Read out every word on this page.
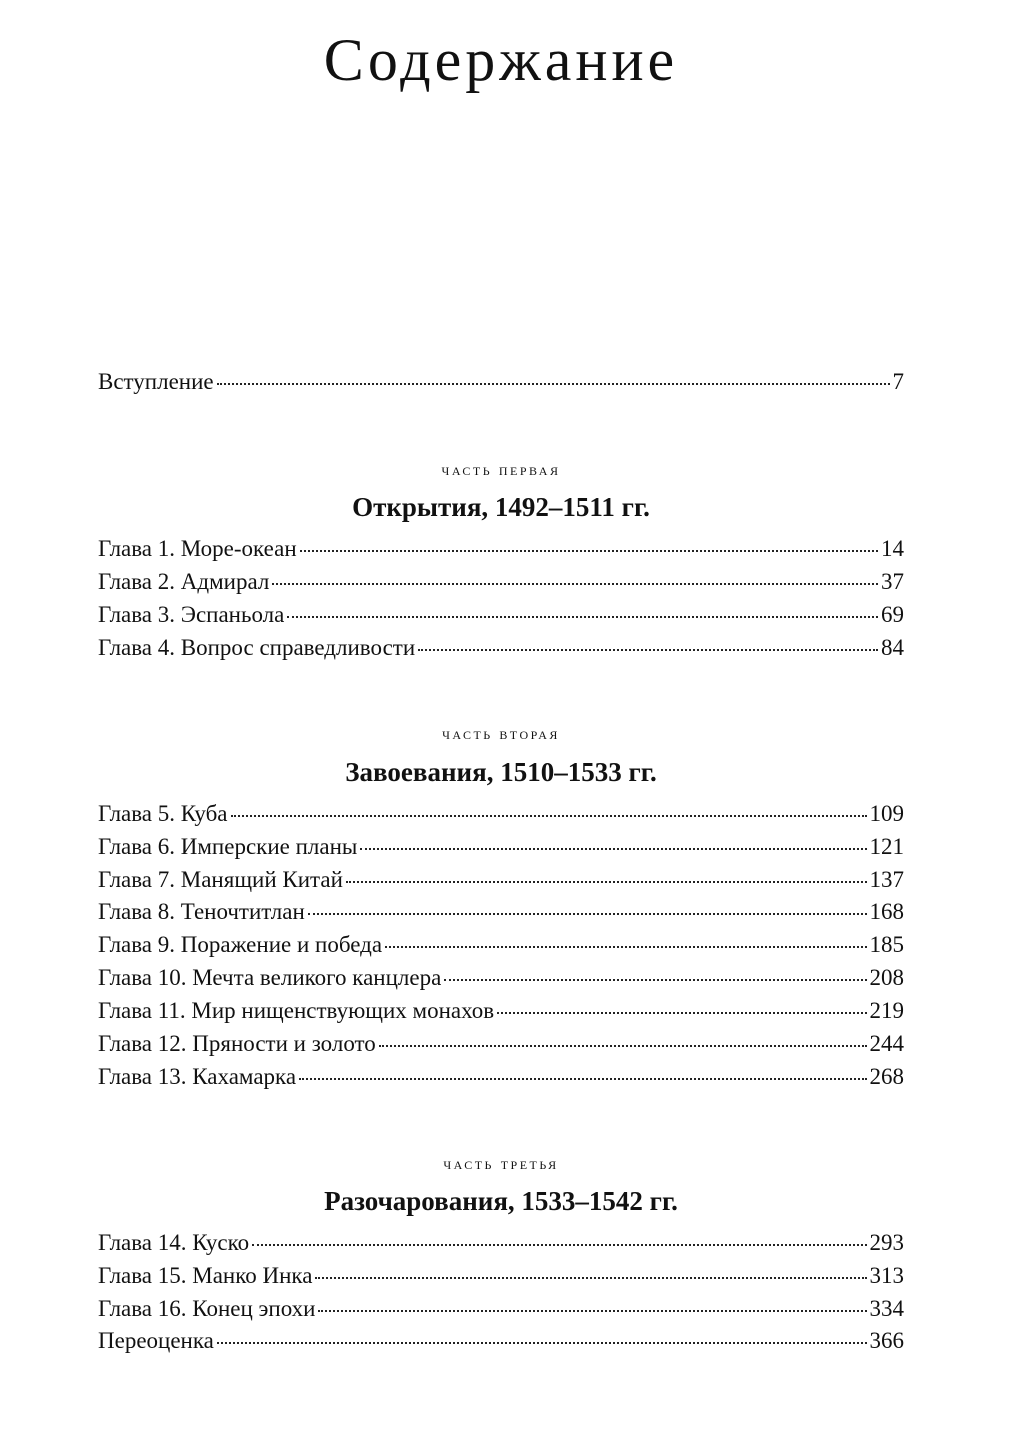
Содержание
Вступление	7
часть первая
Открытия, 1492–1511 гг.
Глава 1. Море-океан	14
Глава 2. Адмирал	37
Глава 3. Эспаньола	69
Глава 4. Вопрос справедливости	84
часть вторая
Завоевания, 1510–1533 гг.
Глава 5. Куба	109
Глава 6. Имперские планы	121
Глава 7. Манящий Китай	137
Глава 8. Теночтитлан	168
Глава 9. Поражение и победа	185
Глава 10. Мечта великого канцлера	208
Глава 11. Мир нищенствующих монахов	219
Глава 12. Пряности и золото	244
Глава 13. Кахамарка	268
часть третья
Разочарования, 1533–1542 гг.
Глава 14. Куско	293
Глава 15. Манко Инка	313
Глава 16. Конец эпохи	334
Переоценка	366
